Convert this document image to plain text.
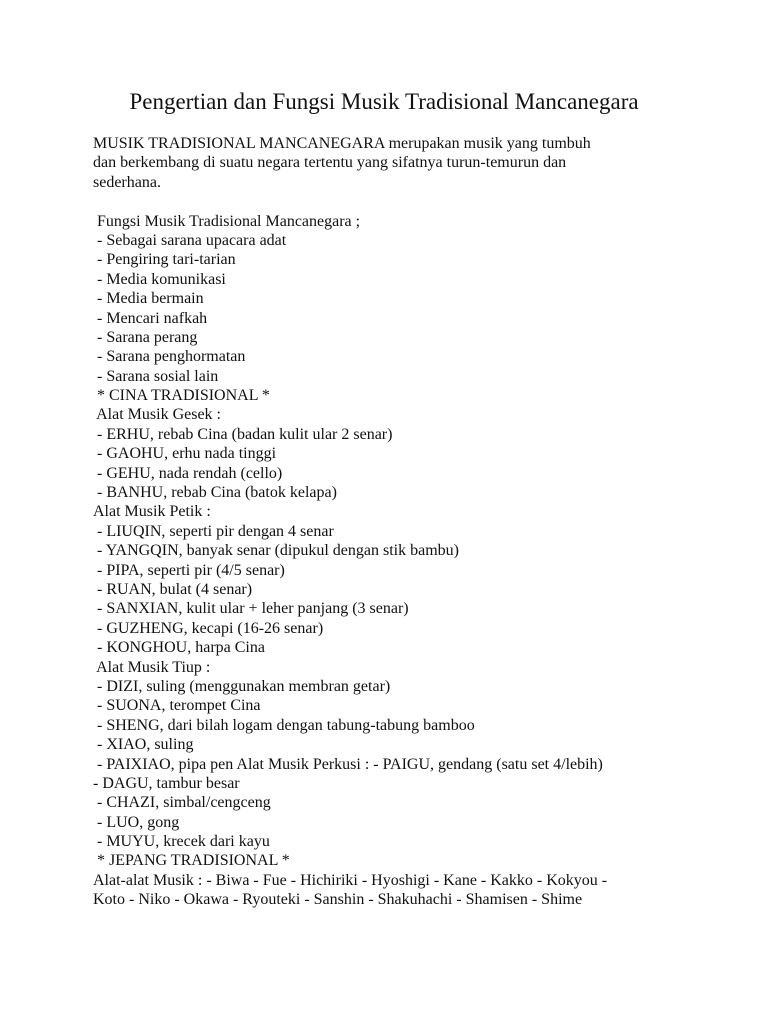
Pengertian dan Fungsi Musik Tradisional Mancanegara
MUSIK TRADISIONAL MANCANEGARA merupakan musik yang tumbuh
dan berkembang di suatu negara tertentu yang sifatnya turun-temurun dan
sederhana.
Fungsi Musik Tradisional Mancanegara ;
- Sebagai sarana upacara adat
- Pengiring tari-tarian
- Media komunikasi
- Media bermain
- Mencari nafkah
- Sarana perang
- Sarana penghormatan
- Sarana sosial lain
* CINA TRADISIONAL *
Alat Musik Gesek :
- ERHU, rebab Cina (badan kulit ular 2 senar)
- GAOHU, erhu nada tinggi
- GEHU, nada rendah (cello)
- BANHU, rebab Cina (batok kelapa)
Alat Musik Petik :
- LIUQIN, seperti pir dengan 4 senar
- YANGQIN, banyak senar (dipukul dengan stik bambu)
- PIPA, seperti pir (4/5 senar)
- RUAN, bulat (4 senar)
- SANXIAN, kulit ular + leher panjang (3 senar)
- GUZHENG, kecapi (16-26 senar)
- KONGHOU, harpa Cina
Alat Musik Tiup :
- DIZI, suling (menggunakan membran getar)
- SUONA, terompet Cina
- SHENG, dari bilah logam dengan tabung-tabung bamboo
- XIAO, suling
- PAIXIAO, pipa pen Alat Musik Perkusi : - PAIGU, gendang (satu set 4/lebih)
- DAGU, tambur besar
- CHAZI, simbal/cengceng
- LUO, gong
- MUYU, krecek dari kayu
* JEPANG TRADISIONAL *
Alat-alat Musik : - Biwa - Fue - Hichiriki - Hyoshigi - Kane - Kakko - Kokyou -
Koto - Niko - Okawa - Ryouteki - Sanshin - Shakuhachi - Shamisen - Shime
